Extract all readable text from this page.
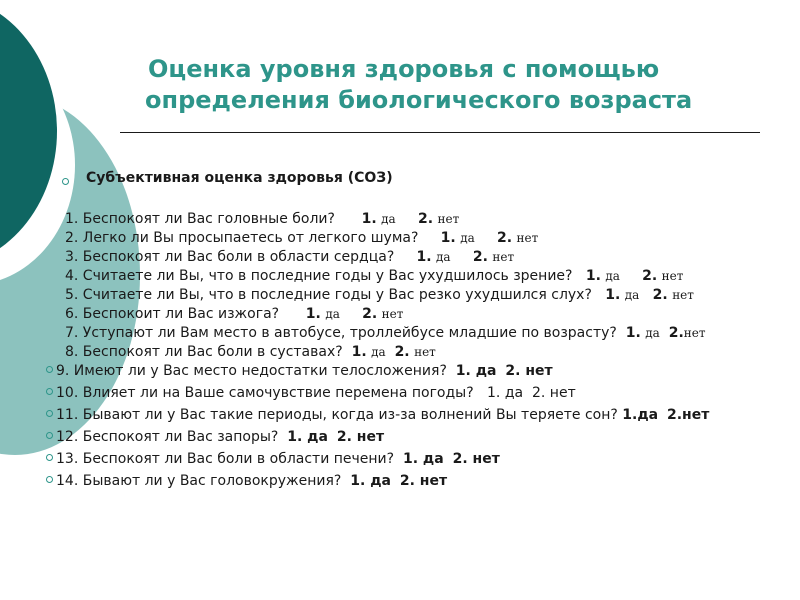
Оценка уровня здоровья с помощью
определения биологического возраста
Субъективная оценка здоровья (СОЗ)
1. Беспокоят ли Вас головные боли? 1. да 2. нет
2. Легко ли Вы просыпаетесь от легкого шума? 1. да 2. нет
3. Беспокоят ли Вас боли в области сердца? 1. да 2. нет
4. Считаете ли Вы, что в последние годы у Вас ухудшилось зрение? 1. да 2. нет
5. Считаете ли Вы, что в последние годы у Вас резко ухудшился слух? 1. да 2. нет
6. Беспокоит ли Вас изжога? 1. да 2. нет
7. Уступают ли Вам место в автобусе, троллейбусе младшие по возрасту? 1. да 2.нет
8. Беспокоят ли Вас боли в суставах? 1. да 2. нет
9. Имеют ли у Вас место недостатки телосложения? 1. да 2. нет
10. Влияет ли на Ваше самочувствие перемена погоды? 1. да 2. нет
11. Бывают ли у Вас такие периоды, когда из-за волнений Вы теряете сон? 1.да 2.нет
12. Беспокоят ли Вас запоры? 1. да 2. нет
13. Беспокоят ли Вас боли в области печени? 1. да 2. нет
14. Бывают ли у Вас головокружения? 1. да 2. нет
